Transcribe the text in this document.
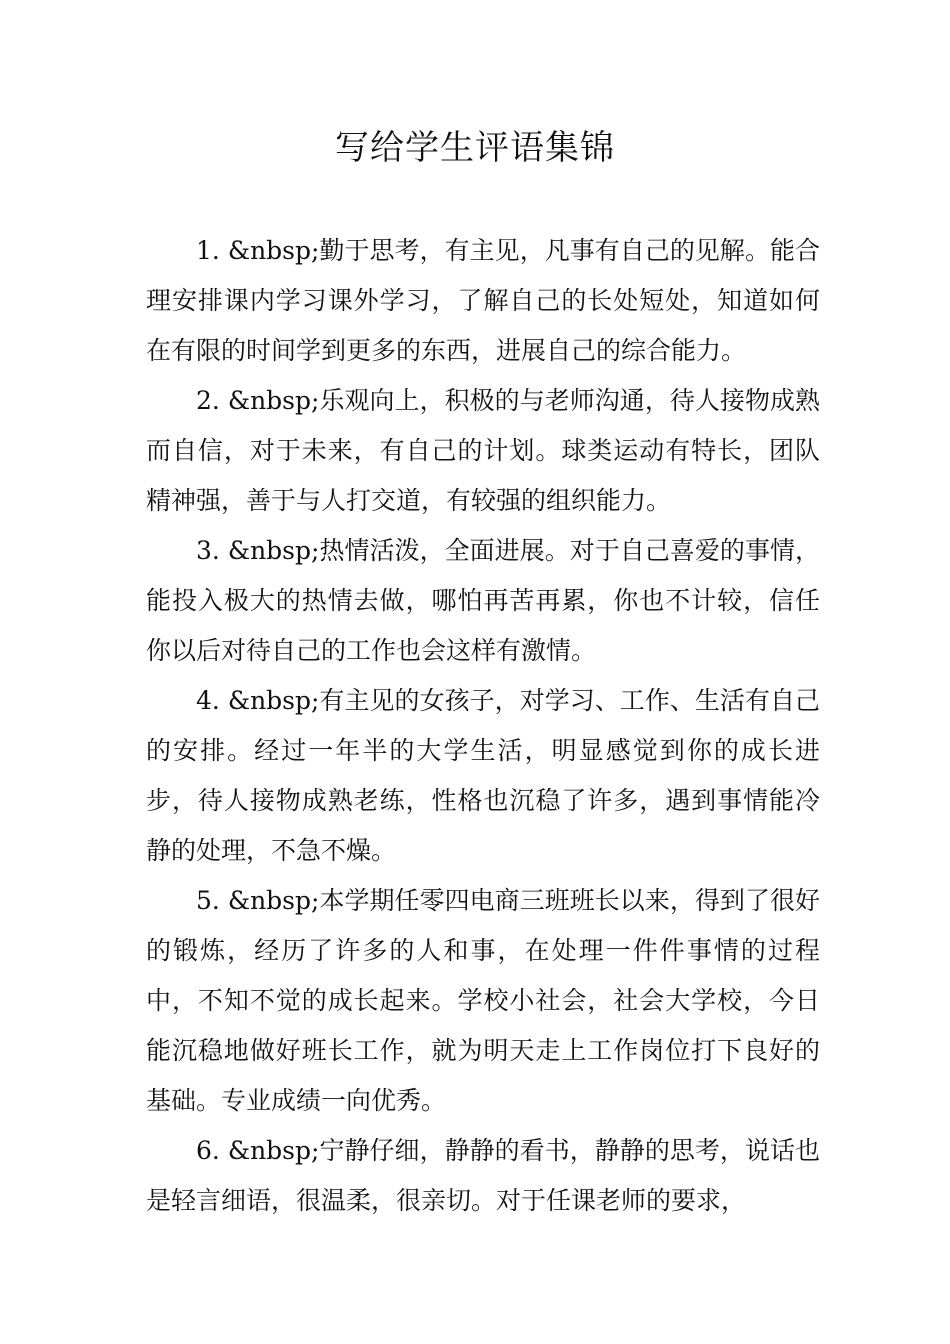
写给学生评语集锦

1. &nbsp;勤于思考，有主见，凡事有自己的见解。能合理安排课内学习课外学习，了解自己的长处短处，知道如何在有限的时间学到更多的东西，进展自己的综合能力。

2. &nbsp;乐观向上，积极的与老师沟通，待人接物成熟而自信，对于未来，有自己的计划。球类运动有特长，团队精神强，善于与人打交道，有较强的组织能力。

3. &nbsp;热情活泼，全面进展。对于自己喜爱的事情，能投入极大的热情去做，哪怕再苦再累，你也不计较，信任你以后对待自己的工作也会这样有激情。

4. &nbsp;有主见的女孩子，对学习、工作、生活有自己的安排。经过一年半的大学生活，明显感觉到你的成长进步，待人接物成熟老练，性格也沉稳了许多，遇到事情能冷静的处理，不急不燥。

5. &nbsp;本学期任零四电商三班班长以来，得到了很好的锻炼，经历了许多的人和事，在处理一件件事情的过程中，不知不觉的成长起来。学校小社会，社会大学校，今日能沉稳地做好班长工作，就为明天走上工作岗位打下良好的基础。专业成绩一向优秀。

6. &nbsp;宁静仔细，静静的看书，静静的思考，说话也是轻言细语，很温柔，很亲切。对于任课老师的要求，
